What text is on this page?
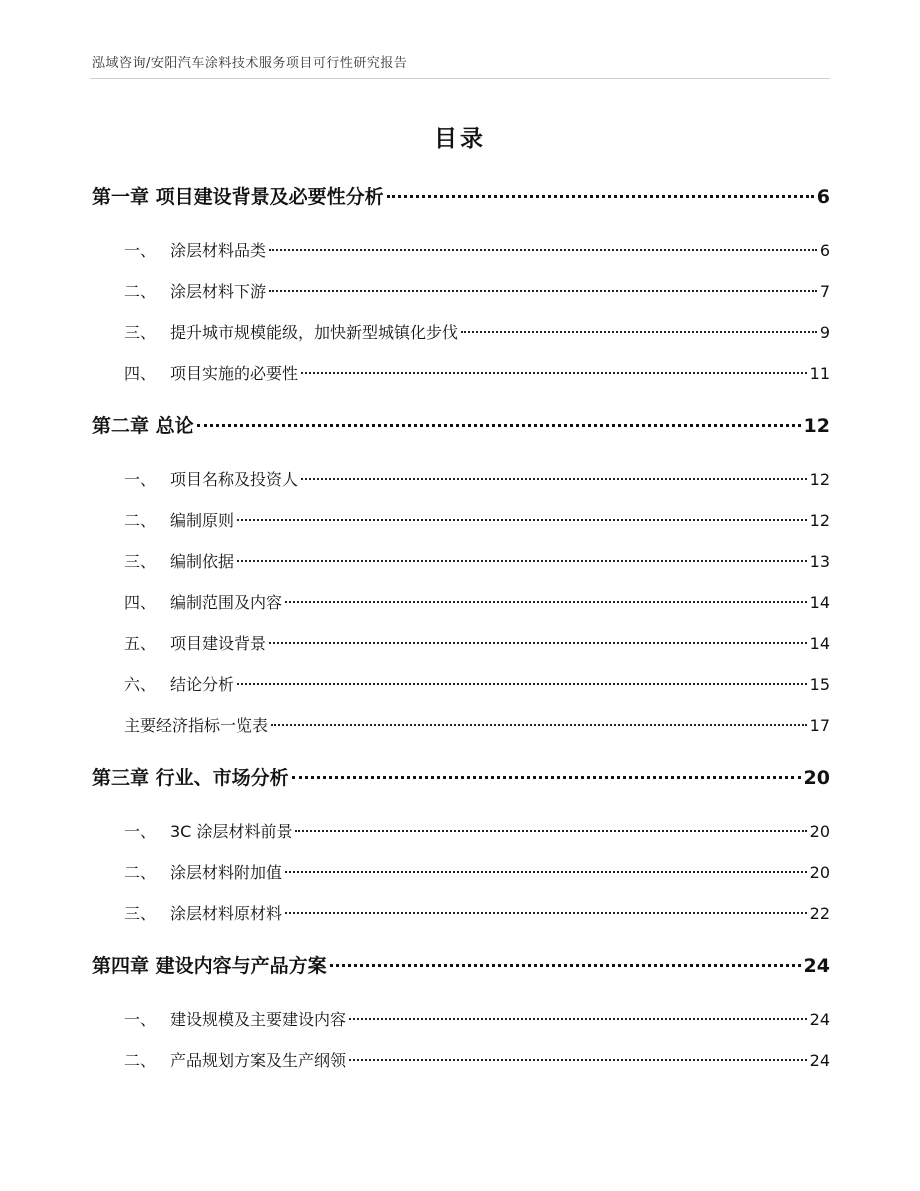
泓域咨询/安阳汽车涂料技术服务项目可行性研究报告
目录
第一章 项目建设背景及必要性分析	6
一、 涂层材料品类	6
二、 涂层材料下游	7
三、 提升城市规模能级，加快新型城镇化步伐	9
四、 项目实施的必要性	11
第二章 总论	12
一、 项目名称及投资人	12
二、 编制原则	12
三、 编制依据	13
四、 编制范围及内容	14
五、 项目建设背景	14
六、 结论分析	15
主要经济指标一览表	17
第三章 行业、市场分析	20
一、 3C 涂层材料前景	20
二、 涂层材料附加值	20
三、 涂层材料原材料	22
第四章 建设内容与产品方案	24
一、 建设规模及主要建设内容	24
二、 产品规划方案及生产纲领	24
